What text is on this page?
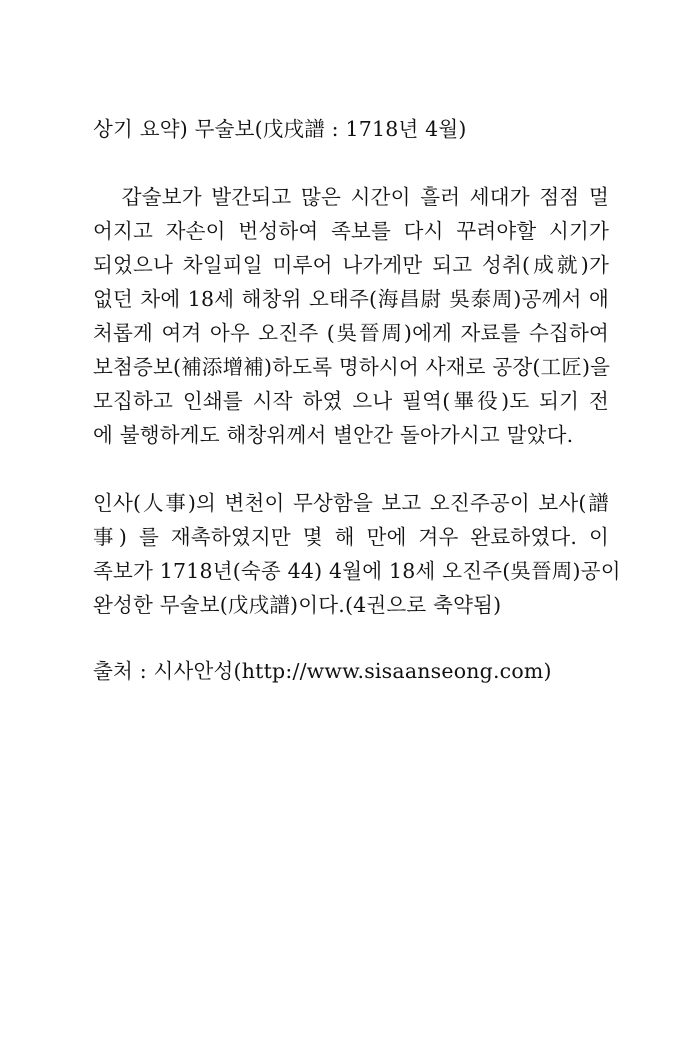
상기 요약) 무술보(戊戌譜 : 1718년 4월)
갑술보가 발간되고 많은 시간이 흘러 세대가 점점 멀
어지고 자손이 번성하여 족보를 다시 꾸려야할 시기가
되었으나 차일피일 미루어 나가게만 되고 성취(成就)가
없던 차에 18세 해창위 오태주(海昌尉 吳泰周)공께서 애
처롭게 여겨 아우 오진주 (吳晉周)에게 자료를 수집하여
보첨증보(補添增補)하도록 명하시어 사재로 공장(工匠)을
모집하고 인쇄를 시작 하였 으나 필역(畢役)도 되기 전
에 불행하게도 해창위께서 별안간 돌아가시고 말았다.
인사(人事)의 변천이 무상함을 보고 오진주공이 보사(譜
事) 를 재촉하였지만 몇 해 만에 겨우 완료하였다. 이
족보가 1718년(숙종 44) 4월에 18세 오진주(吳晉周)공이
완성한 무술보(戊戌譜)이다.(4권으로 축약됨)
출처 : 시사안성(http://www.sisaanseong.com)
